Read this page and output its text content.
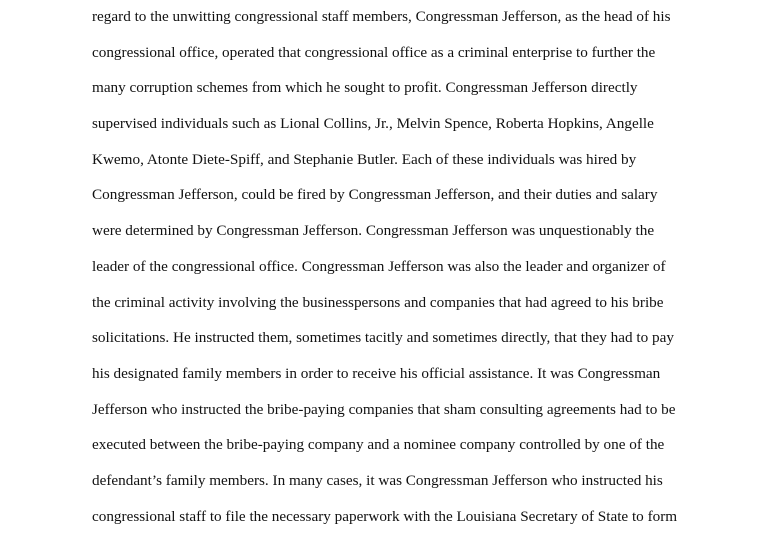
regard to the unwitting congressional staff members, Congressman Jefferson, as the head of his
congressional office, operated that congressional office as a criminal enterprise to further the
many corruption schemes from which he sought to profit. Congressman Jefferson directly
supervised individuals such as Lional Collins, Jr., Melvin Spence, Roberta Hopkins, Angelle
Kwemo, Atonte Diete-Spiff, and Stephanie Butler. Each of these individuals was hired by
Congressman Jefferson, could be fired by Congressman Jefferson, and their duties and salary
were determined by Congressman Jefferson. Congressman Jefferson was unquestionably the
leader of the congressional office. Congressman Jefferson was also the leader and organizer of
the criminal activity involving the businesspersons and companies that had agreed to his bribe
solicitations. He instructed them, sometimes tacitly and sometimes directly, that they had to pay
his designated family members in order to receive his official assistance. It was Congressman
Jefferson who instructed the bribe-paying companies that sham consulting agreements had to be
executed between the bribe-paying company and a nominee company controlled by one of the
defendant’s family members. In many cases, it was Congressman Jefferson who instructed his
congressional staff to file the necessary paperwork with the Louisiana Secretary of State to form
